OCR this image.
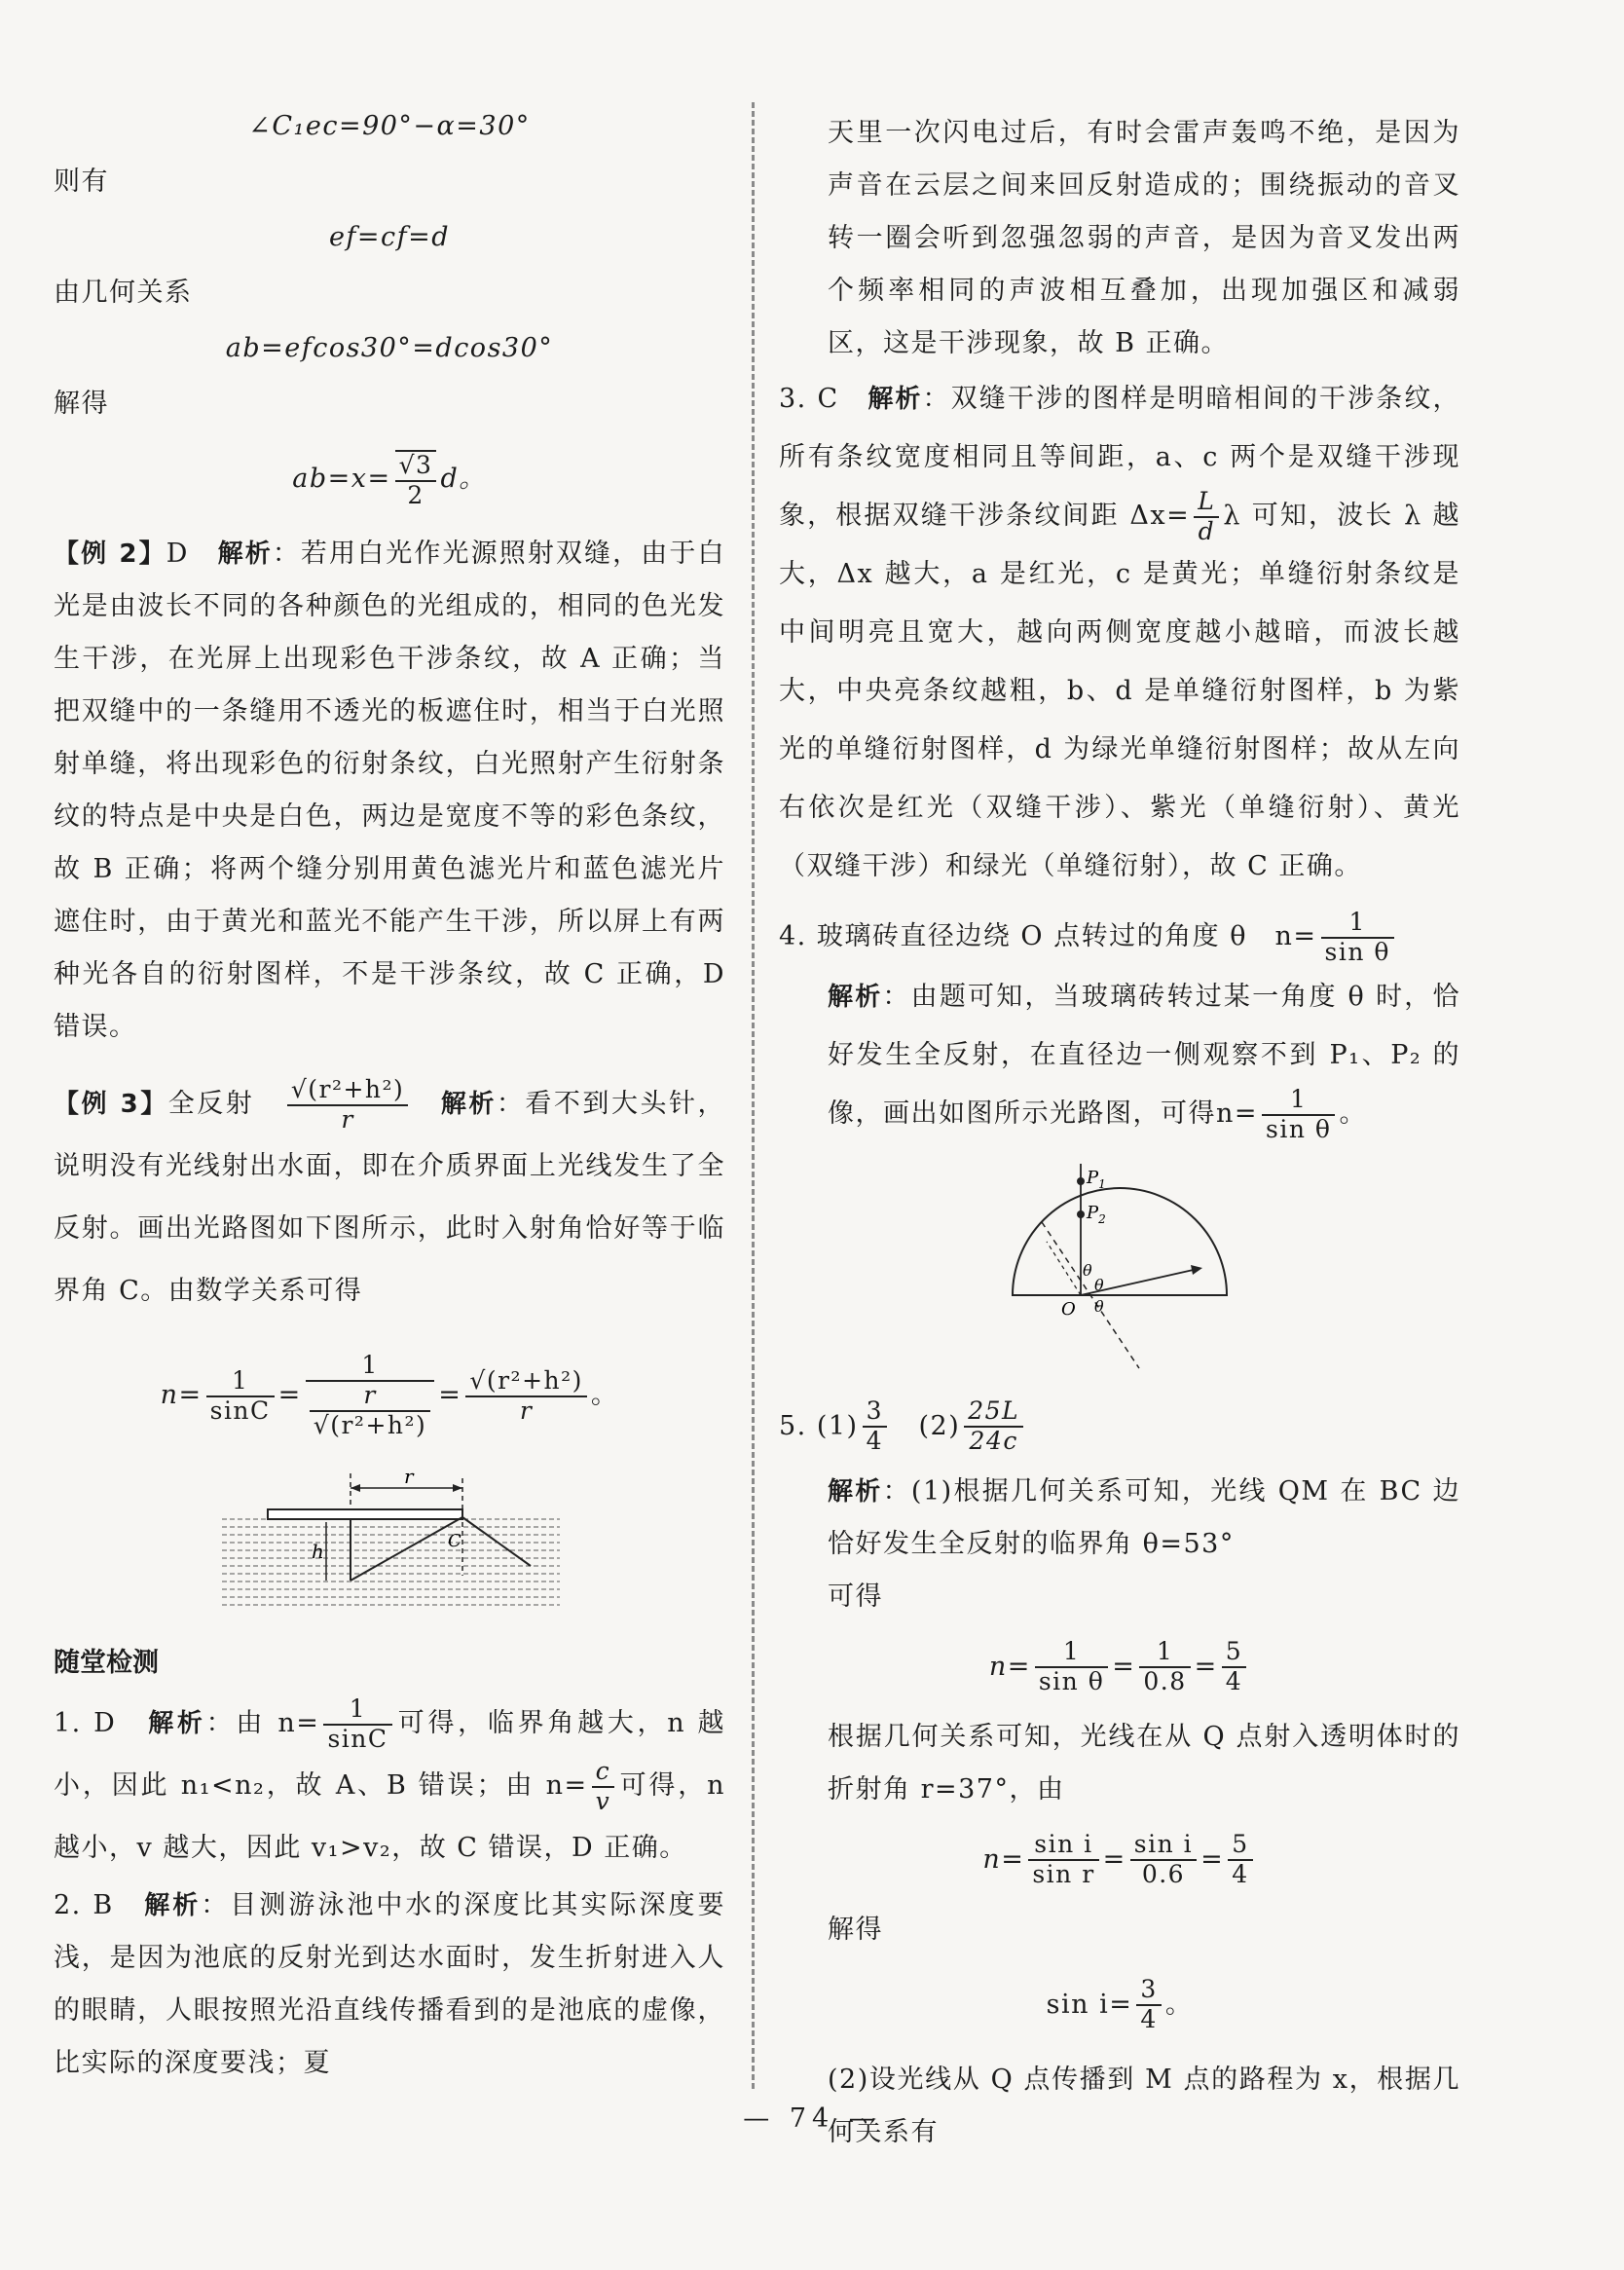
∠C₁ec=90°−α=30°

则有

ef=cf=d

由几何关系

ab=efcos30°=dcos30°

解得

$ab=x= \frac{√3}{2}$ d。

【例 2】D　解析：若用白光作光源照射双缝，由于白光是由波长不同的各种颜色的光组成的，相同的色光发生干涉，在光屏上出现彩色干涉条纹，故 A 正确；当把双缝中的一条缝用不透光的板遮住时，相当于白光照射单缝，将出现彩色的衍射条纹，白光照射产生衍射条纹的特点是中央是白色，两边是宽度不等的彩色条纹，故 B 正确；将两个缝分别用黄色滤光片和蓝色滤光片遮住时，由于黄光和蓝光不能产生干涉，所以屏上有两种光各自的衍射图样，不是干涉条纹，故 C 正确，D 错误。

【例 3】全反射　 $\frac{\text{√(r²+h²)}}{r}$ 　解析：看不到大头针，说明没有光线射出水面，即在介质界面上光线发生了全反射。画出光路图如下图所示，此时入射角恰好等于临界角 C。由数学关系可得

$n= \frac{1}{\sin C} = \frac{1}{\frac{r}{\text{√(r²+h²)}}} = \frac{\text{√(r²+h²)}}{r}$ 。

r
h	C
随堂检测

1. D　解析：由 $n= \frac{1}{\sin C}$ 可得，临界角越大，n 越小，因此 n₁<n₂，故 A、B 错误；由 $n= \frac{c}{v}$ 可得，n 越小，v 越大，因此 v₁>v₂，故 C 错误，D 正确。

2. B　解析：目测游泳池中水的深度比其实际深度要浅，是因为池底的反射光到达水面时，发生折射进入人的眼睛，人眼按照光沿直线传播看到的是池底的虚像，比实际的深度要浅；夏

天里一次闪电过后，有时会雷声轰鸣不绝，是因为声音在云层之间来回反射造成的；围绕振动的音叉转一圈会听到忽强忽弱的声音，是因为音叉发出两个频率相同的声波相互叠加，出现加强区和减弱区，这是干涉现象，故 B 正确。

3. C　解析：双缝干涉的图样是明暗相间的干涉条纹，所有条纹宽度相同且等间距，a、c 两个是双缝干涉现象，根据双缝干涉条纹间距 $\Delta x= \frac{L}{d}$ λ 可知，波长 λ 越大，Δx 越大，a 是红光，c 是黄光；单缝衍射条纹是中间明亮且宽大，越向两侧宽度越小越暗，而波长越大，中央亮条纹越粗，b、d 是单缝衍射图样，b 为紫光的单缝衍射图样，d 为绿光单缝衍射图样；故从左向右依次是红光（双缝干涉）、紫光（单缝衍射）、黄光（双缝干涉）和绿光（单缝衍射），故 C 正确。

4. 玻璃砖直径边绕 O 点转过的角度 θ　$n= \frac{1}{\text{sin θ}}$

解析：由题可知，当玻璃砖转过某一角度 θ 时，恰好发生全反射，在直径边一侧观察不到 P₁、P₂ 的像，画出如图所示光路图，可得$n= \frac{1}{\text{sin θ}}$ 。

$P_1$
$P_2$
O
θ
θ
θ

5. $(1) \frac{3}{4}$ 　$(2) \frac{25L}{24c}$

解析：(1)根据几何关系可知，光线 QM 在 BC 边恰好发生全反射的临界角 θ=53°

可得

$n= \frac{1}{\text{sin θ}} = \frac{1}{0.8} = \frac{5}{4}$

根据几何关系可知，光线在从 Q 点射入透明体时的折射角 r=37°，由

$n= \frac{\text{sin i}}{\text{sin r}} = \frac{\text{sin i}}{0.6} = \frac{5}{4}$

解得

$\sin i= \frac{3}{4}$ 。

(2)设光线从 Q 点传播到 M 点的路程为 x，根据几何关系有

— 74 —
